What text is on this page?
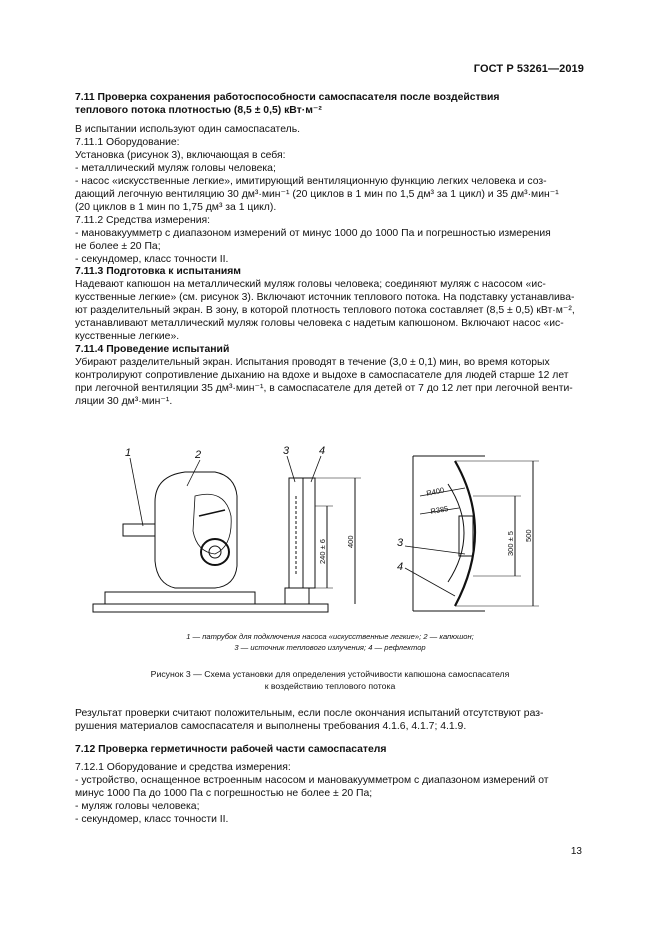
ГОСТ Р 53261—2019

7.11 Проверка сохранения работоспособности самоспасателя после воздействия

теплового потока плотностью (8,5 ± 0,5) кВт·м⁻²

В испытании используют один самоспасатель.

7.11.1 Оборудование:

Установка (рисунок 3), включающая в себя:

- металлический муляж головы человека;

- насос «искусственные легкие», имитирующий вентиляционную функцию легких человека и соз-

дающий легочную вентиляцию 30 дм³·мин⁻¹ (20 циклов в 1 мин по 1,5 дм³ за 1 цикл) и 35 дм³·мин⁻¹

(20 циклов в 1 мин по 1,75 дм³ за 1 цикл).

7.11.2 Средства измерения:

- мановакуумметр с диапазоном измерений от минус 1000 до 1000 Па и погрешностью измерения

не более ± 20 Па;

- секундомер, класс точности II.

7.11.3 Подготовка к испытаниям

Надевают капюшон на металлический муляж головы человека; соединяют муляж с насосом «ис-

кусственные легкие» (см. рисунок 3). Включают источник теплового потока. На подставку устанавлива-

ют разделительный экран. В зону, в которой плотность теплового потока составляет (8,5 ± 0,5) кВт·м⁻²,

устанавливают металлический муляж головы человека с надетым капюшоном. Включают насос «ис-

кусственные легкие».

7.11.4 Проведение испытаний

Убирают разделительный экран. Испытания проводят в течение (3,0 ± 0,1) мин, во время которых

контролируют сопротивление дыханию на вдохе и выдохе в самоспасателе для людей старше 12 лет

при легочной вентиляции 35 дм³·мин⁻¹, в самоспасателе для детей от 7 до 12 лет при легочной венти-

ляции 30 дм³·мин⁻¹.

1	2	3	4
3
4
240 ± 6	400
R400
R385
300 ± 5 500
1 — патрубок для подключения насоса «искусственные легкие»; 2 — капюшон;
3 — источник теплового излучения; 4 — рефлектор
Рисунок 3 — Схема установки для определения устойчивости капюшона самоспасателя
к воздействию теплового потока

Результат проверки считают положительным, если после окончания испытаний отсутствуют раз-

рушения материалов самоспасателя и выполнены требования 4.1.6, 4.1.7; 4.1.9.

7.12 Проверка герметичности рабочей части самоспасателя

7.12.1 Оборудование и средства измерения:

- устройство, оснащенное встроенным насосом и мановакуумметром с диапазоном измерений от

минус 1000 Па до 1000 Па с погрешностью не более ± 20 Па;

- муляж головы человека;

- секундомер, класс точности II.

13
